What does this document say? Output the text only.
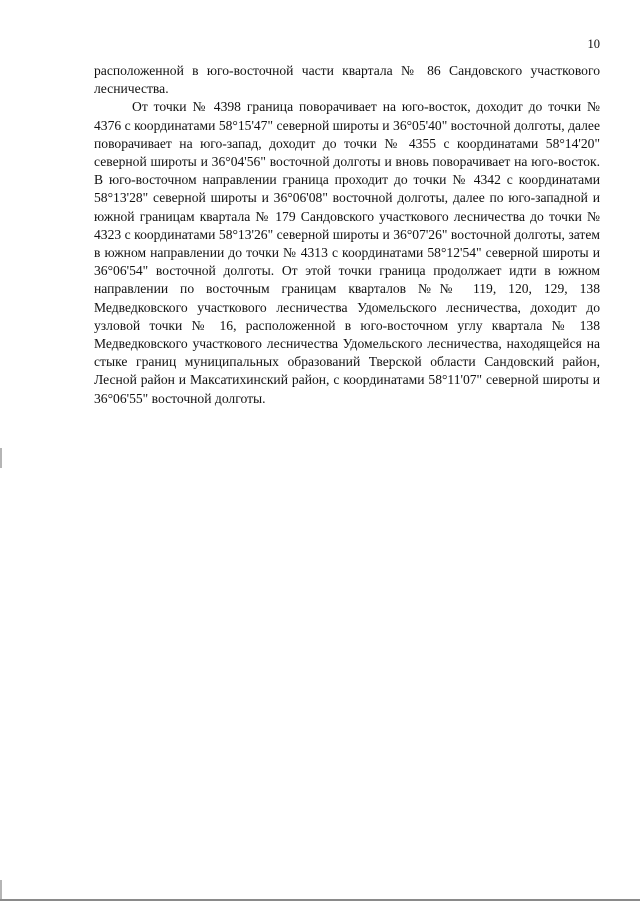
10

расположенной в юго-восточной части квартала № 86 Сандовского участкового лесничества.

От точки № 4398 граница поворачивает на юго-восток, доходит до точки № 4376 с координатами 58°15'47" северной широты и 36°05'40" восточной долготы, далее поворачивает на юго-запад, доходит до точки № 4355 с координатами 58°14'20" северной широты и 36°04'56" восточной долготы и вновь поворачивает на юго-восток. В юго-восточном направлении граница проходит до точки № 4342 с координатами 58°13'28" северной широты и 36°06'08" восточной долготы, далее по юго-западной и южной границам квартала № 179 Сандовского участкового лесничества до точки № 4323 с координатами 58°13'26" северной широты и 36°07'26" восточной долготы, затем в южном направлении до точки № 4313 с координатами 58°12'54" северной широты и 36°06'54" восточной долготы. От этой точки граница продолжает идти в южном направлении по восточным границам кварталов №№ 119, 120, 129, 138 Медведковского участкового лесничества Удомельского лесничества, доходит до узловой точки № 16, расположенной в юго-восточном углу квартала № 138 Медведковского участкового лесничества Удомельского лесничества, находящейся на стыке границ муниципальных образований Тверской области Сандовский район, Лесной район и Максатихинский район, с координатами 58°11'07" северной широты и 36°06'55" восточной долготы.
